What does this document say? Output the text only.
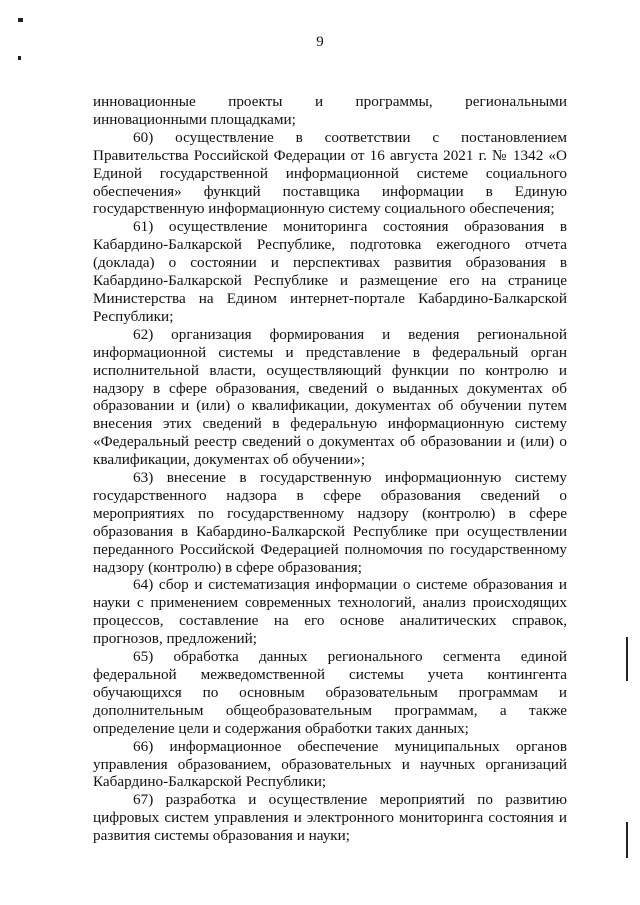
9

инновационные проекты и программы, региональными инновационными площадками;

60) осуществление в соответствии с постановлением Правительства Российской Федерации от 16 августа 2021 г. № 1342 «О Единой государственной информационной системе социального обеспечения» функций поставщика информации в Единую государственную информационную систему социального обеспечения;

61) осуществление мониторинга состояния образования в Кабардино-Балкарской Республике, подготовка ежегодного отчета (доклада) о состоянии и перспективах развития образования в Кабардино-Балкарской Республике и размещение его на странице Министерства на Едином интернет-портале Кабардино-Балкарской Республики;

62) организация формирования и ведения региональной информационной системы и представление в федеральный орган исполнительной власти, осуществляющий функции по контролю и надзору в сфере образования, сведений о выданных документах об образовании и (или) о квалификации, документах об обучении путем внесения этих сведений в федеральную информационную систему «Федеральный реестр сведений о документах об образовании и (или) о квалификации, документах об обучении»;

63) внесение в государственную информационную систему государственного надзора в сфере образования сведений о мероприятиях по государственному надзору (контролю) в сфере образования в Кабардино-Балкарской Республике при осуществлении переданного Российской Федерацией полномочия по государственному надзору (контролю) в сфере образования;

64) сбор и систематизация информации о системе образования и науки с применением современных технологий, анализ происходящих процессов, составление на его основе аналитических справок, прогнозов, предложений;

65) обработка данных регионального сегмента единой федеральной межведомственной системы учета контингента обучающихся по основным образовательным программам и дополнительным общеобразовательным программам, а также определение цели и содержания обработки таких данных;

66) информационное обеспечение муниципальных органов управления образованием, образовательных и научных организаций Кабардино-Балкарской Республики;

67) разработка и осуществление мероприятий по развитию цифровых систем управления и электронного мониторинга состояния и развития системы образования и науки;
